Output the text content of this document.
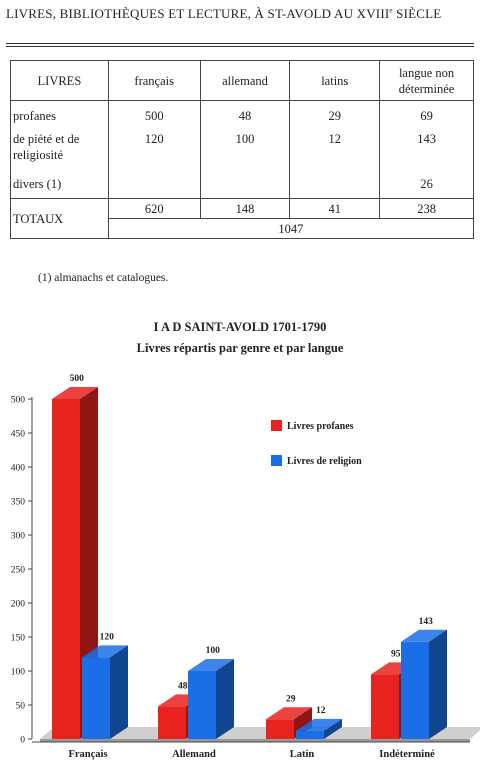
LIVRES, BIBLIOTHÈQUES ET LECTURE, À ST-AVOLD AU XVIIIe SIÈCLE
LIVRES	français	allemand	latins	langue non déterminée
profanes	500	48	29	69
de piété et de religiosité	120	100	12	143
divers (1)				26
TOTAUX	620	148	41	238
	1047			
(1) almanachs et catalogues.
I A D SAINT-AVOLD 1701-1790
Livres répartis par genre et par langue
0
50
100
150
200
250
300
350
400
450
500
500
120
Français
48
100
Allemand
29
12
Latin
95
143
Indéterminé
Livres profanes
Livres de religion
